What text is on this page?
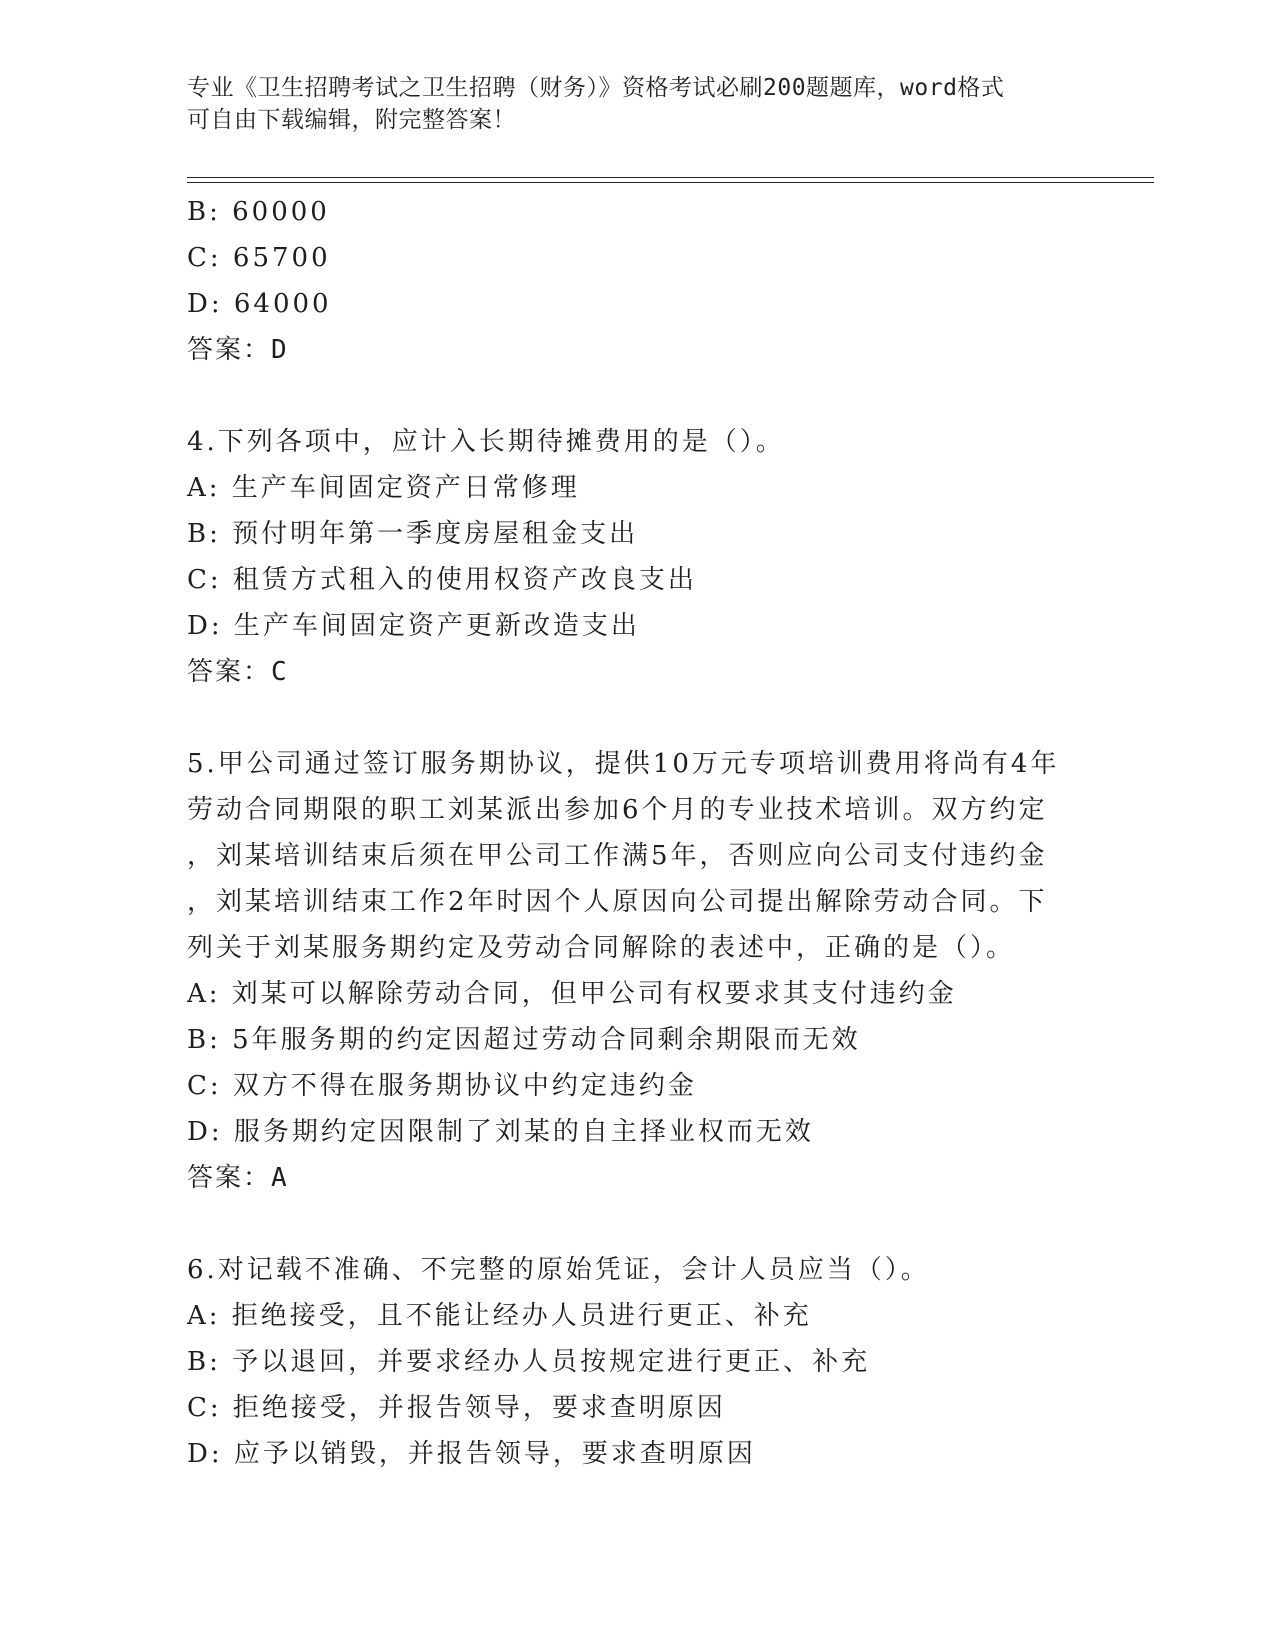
专业《卫生招聘考试之卫生招聘（财务）》资格考试必刷200题题库，word格式
可自由下载编辑，附完整答案！
B: 60000
C: 65700
D: 64000
答案：D
4.下列各项中，应计入长期待摊费用的是（）。
A: 生产车间固定资产日常修理
B: 预付明年第一季度房屋租金支出
C: 租赁方式租入的使用权资产改良支出
D: 生产车间固定资产更新改造支出
答案：C
5.甲公司通过签订服务期协议，提供10万元专项培训费用将尚有4年
劳动合同期限的职工刘某派出参加6个月的专业技术培训。双方约定
，刘某培训结束后须在甲公司工作满5年，否则应向公司支付违约金
，刘某培训结束工作2年时因个人原因向公司提出解除劳动合同。下
列关于刘某服务期约定及劳动合同解除的表述中，正确的是（）。
A: 刘某可以解除劳动合同，但甲公司有权要求其支付违约金
B: 5年服务期的约定因超过劳动合同剩余期限而无效
C: 双方不得在服务期协议中约定违约金
D: 服务期约定因限制了刘某的自主择业权而无效
答案：A
6.对记载不准确、不完整的原始凭证，会计人员应当（）。
A: 拒绝接受，且不能让经办人员进行更正、补充
B: 予以退回，并要求经办人员按规定进行更正、补充
C: 拒绝接受，并报告领导，要求查明原因
D: 应予以销毁，并报告领导，要求查明原因
